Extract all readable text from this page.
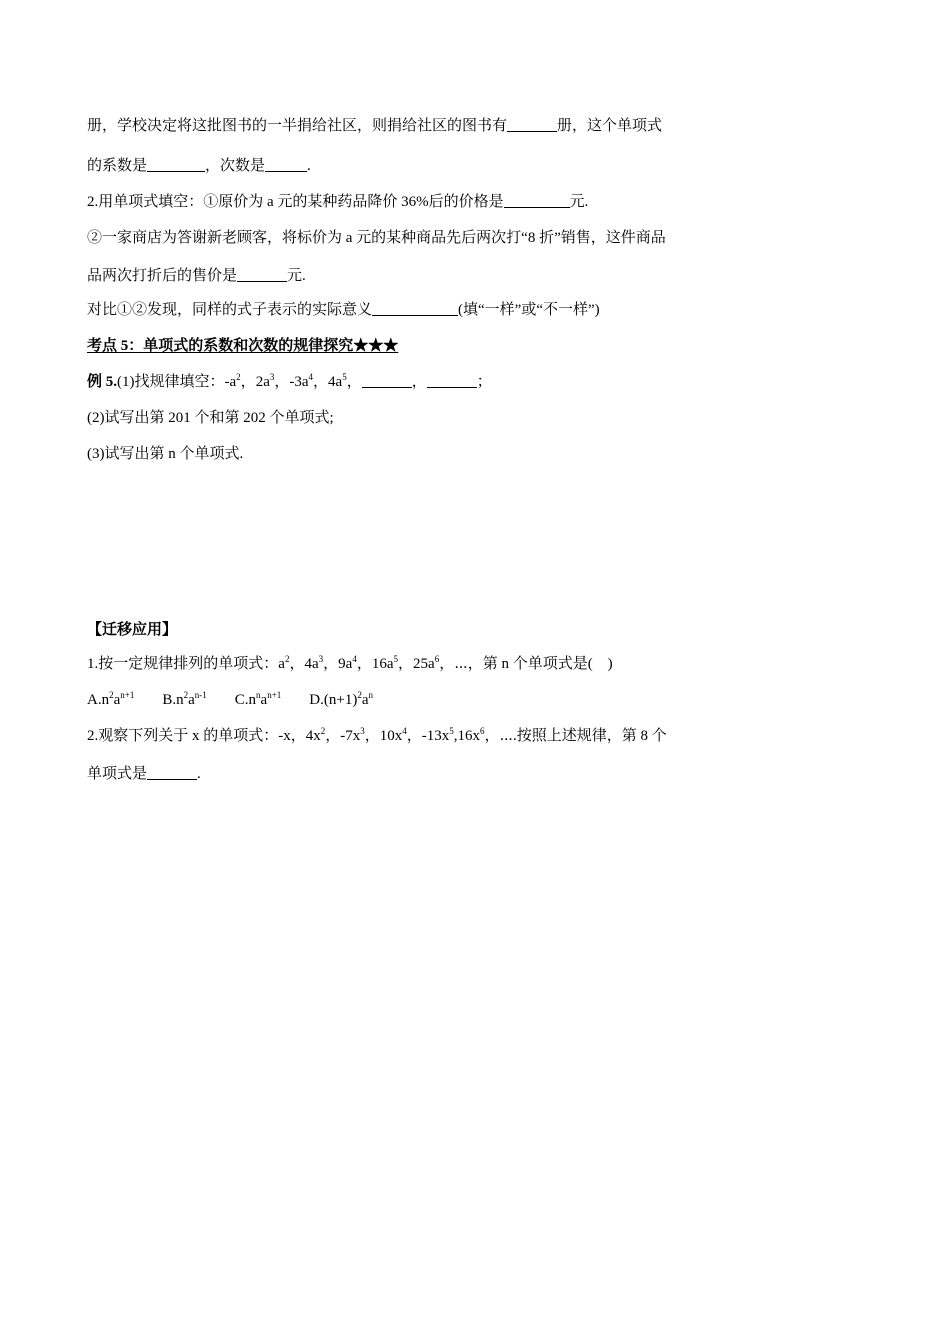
册，学校决定将这批图书的一半捐给社区，则捐给社区的图书有	册，这个单项式
的系数是	，次数是	.
2.用单项式填空：①原价为 a 元的某种药品降价 36%后的价格是	元.
②一家商店为答谢新老顾客，将标价为 a 元的某种商品先后两次打“8 折”销售，这件商品
品两次打折后的售价是	元.
对比①②发现，同样的式子表示的实际意义	(填“一样”或“不一样”)
考点 5：单项式的系数和次数的规律探究★★★
例 5.(1)找规律填空：$-a^2$，$2a^3$，$-3a^4$，$4a^5$，	，	；
(2)试写出第 201 个和第 202 个单项式;
(3)试写出第 n 个单项式.
【迁移应用】
1.按一定规律排列的单项式：$a^2$，$4a^3$，$9a^4$，$16a^5$，$25a^6$，⋯，第 n 个单项式是(　)
$A.n^2a^{n+1}$ $B.n^2a^{n-1}$ $C.n^na^{n+1}$ $D.(n+1)^2a^n$
2.观察下列关于 x 的单项式：-x，$4x^2$，$-7x^3$，$10x^4$，$-13x^5,16x^6$，⋯.按照上述规律，第 8 个
单项式是	.
